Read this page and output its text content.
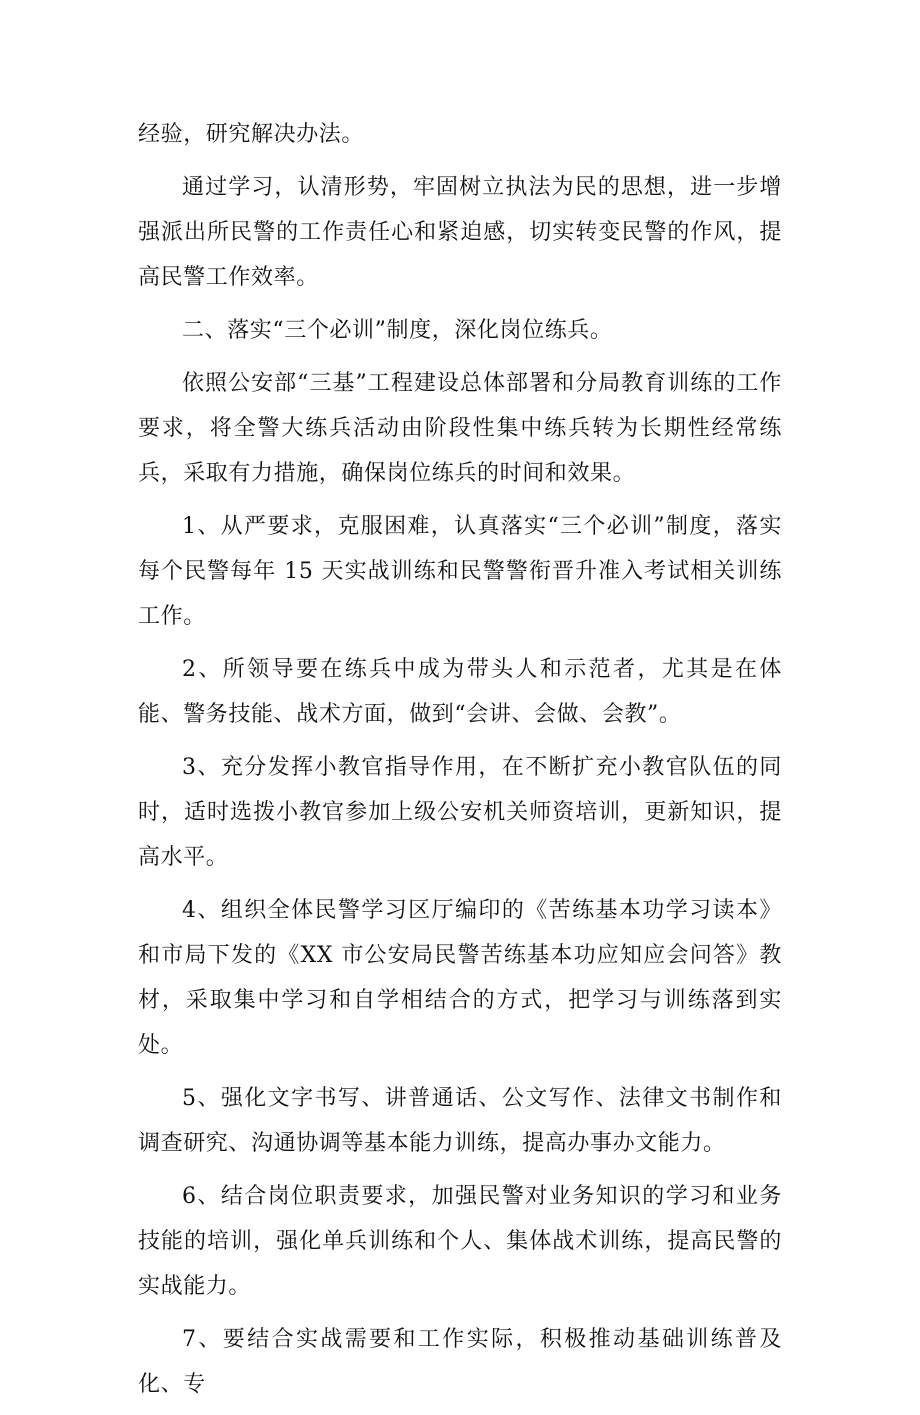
经验，研究解决办法。

通过学习，认清形势，牢固树立执法为民的思想，进一步增强派出所民警的工作责任心和紧迫感，切实转变民警的作风，提高民警工作效率。

二、落实“三个必训”制度，深化岗位练兵。

依照公安部“三基”工程建设总体部署和分局教育训练的工作要求，将全警大练兵活动由阶段性集中练兵转为长期性经常练兵，采取有力措施，确保岗位练兵的时间和效果。

1、从严要求，克服困难，认真落实“三个必训”制度，落实每个民警每年 15 天实战训练和民警警衔晋升准入考试相关训练工作。

2、所领导要在练兵中成为带头人和示范者，尤其是在体能、警务技能、战术方面，做到“会讲、会做、会教”。

3、充分发挥小教官指导作用，在不断扩充小教官队伍的同时，适时选拨小教官参加上级公安机关师资培训，更新知识，提高水平。

4、组织全体民警学习区厅编印的《苦练基本功学习读本》和市局下发的《XX 市公安局民警苦练基本功应知应会问答》教材，采取集中学习和自学相结合的方式，把学习与训练落到实处。

5、强化文字书写、讲普通话、公文写作、法律文书制作和调查研究、沟通协调等基本能力训练，提高办事办文能力。

6、结合岗位职责要求，加强民警对业务知识的学习和业务技能的培训，强化单兵训练和个人、集体战术训练，提高民警的实战能力。

7、要结合实战需要和工作实际，积极推动基础训练普及化、专
